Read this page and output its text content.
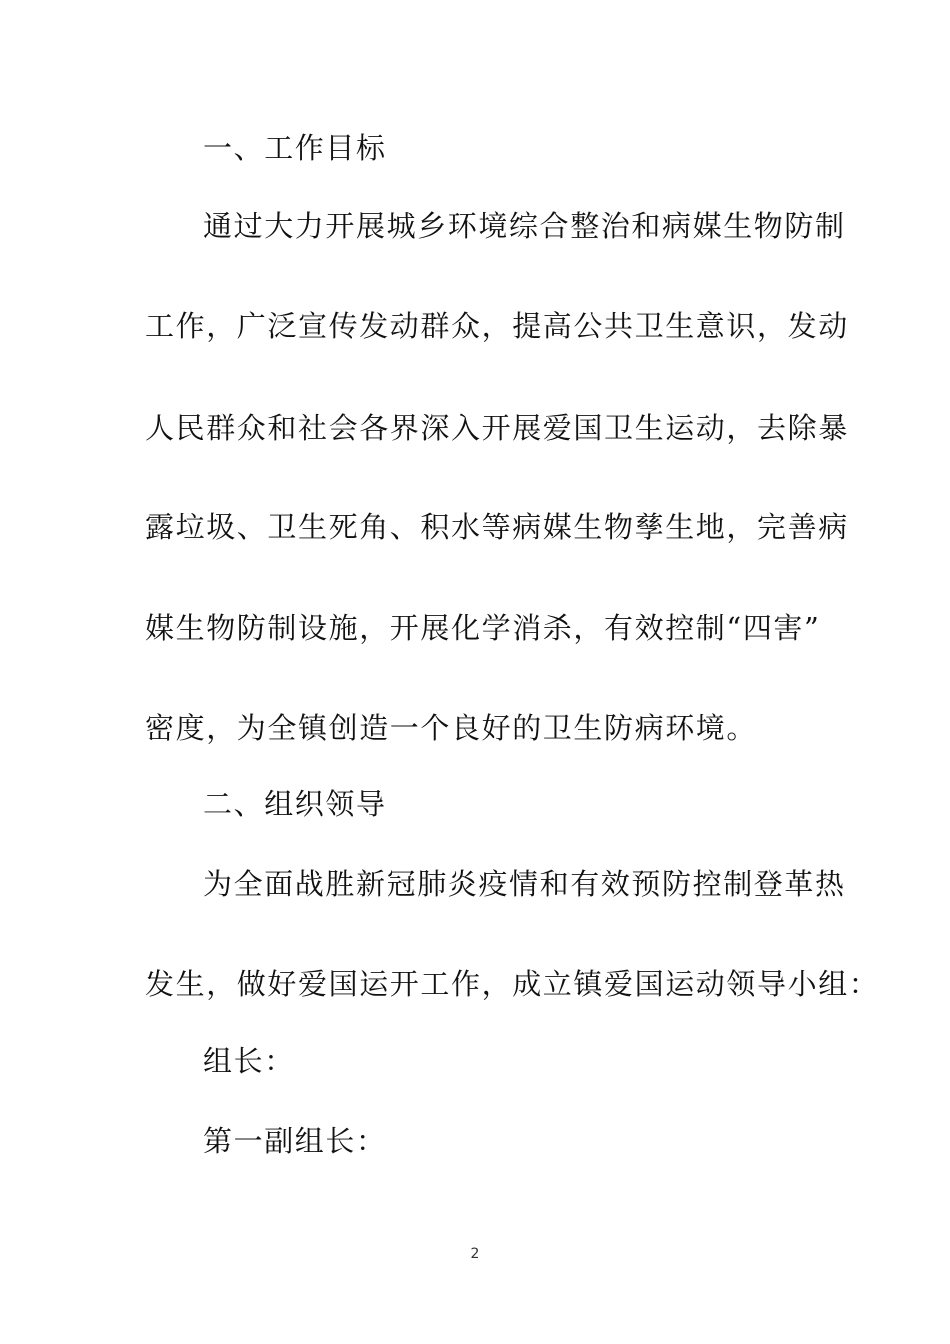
一、工作目标
通过大力开展城乡环境综合整治和病媒生物防制
工作，广泛宣传发动群众，提高公共卫生意识，发动
人民群众和社会各界深入开展爱国卫生运动，去除暴
露垃圾、卫生死角、积水等病媒生物孳生地，完善病
媒生物防制设施，开展化学消杀，有效控制“四害”
密度，为全镇创造一个良好的卫生防病环境。
二、组织领导
为全面战胜新冠肺炎疫情和有效预防控制登革热
发生，做好爱国运开工作，成立镇爱国运动领导小组：
组长：
第一副组长：
2
